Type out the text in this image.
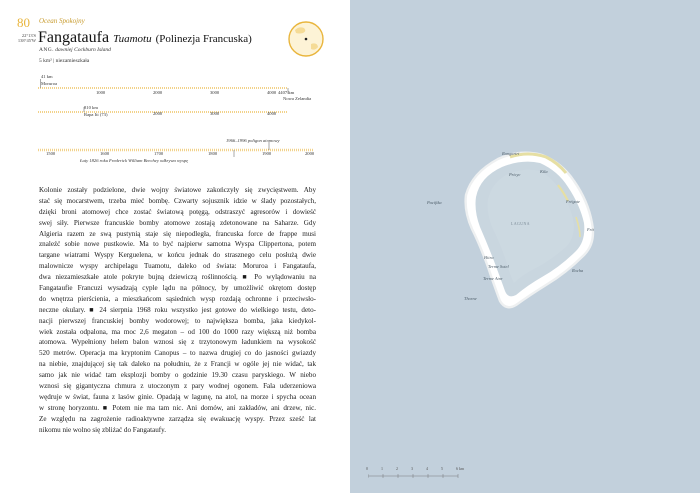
80 Ocean Spokojny
22°13'S
138°45'W Fangataufa Tuamotu (Polinezja Francuska)
ANG. dawniej Cockburn Island
5 km² | niezamieszkała
41 km
Moruroa
1000	2000	3000	4000 4407 km
Nowa Zelandia
810 km
Rapa Iti (73)	2000	3000	4000
1966–1996 poligon atomowy
Łuty 1826 roku Frederick William Beechey odkrywa wyspę
1500	1600	1700	1800	1900	2000
Kolonie zostały podzielone, dwie wojny światowe zakończyły się zwycięstwem. Aby
stać się mocarstwem, trzeba mieć bombę. Czwarty sojusznik idzie w ślady pozostałych,
dzięki broni atomowej chce zostać światową potęgą, odstraszyć agresorów i dowieść
swej siły. Pierwsze francuskie bomby atomowe zostają zdetonowane na Saharze. Gdy
Algieria razem ze swą pustynią staje się niepodległa, francuska force de frappe musi
znaleźć sobie nowe pustkowie. Ma to być najpierw samotna Wyspa Clippertona, potem
targane wiatrami Wyspy Kerguelena, w końcu jednak do strasznego celu posłużą dwie
malownicze wyspy archipelagu Tuamotu, daleko od świata: Moruroa i Fangataufa,
dwa niezamieszkałe atole pokryte bujną dziewiczą roślinnością. ■ Po wylądowaniu na
Fangataufie Francuzi wysadzają cyple lądu na północy, by umożliwić okrętom dostęp
do wnętrza pierścienia, a mieszkańcom sąsiednich wysp rozdają ochronne i przeciwsło-
neczne okulary. ■ 24 sierpnia 1968 roku wszystko jest gotowe do wielkiego testu, deto-
nacji pierwszej francuskiej bomby wodorowej; to największa bomba, jaka kiedykol-
wiek została odpalona, ma moc 2,6 megaton – od 100 do 1000 razy większą niż bomba
atomowa. Wypełniony helem balon wznosi się z trzytonowym ładunkiem na wysokość
520 metrów. Operacja ma kryptonim Canopus – to nazwa drugiej co do jasności gwiazdy
na niebie, znajdującej się tak daleko na południu, że z Francji w ogóle jej nie widać, tak
samo jak nie widać tam eksplozji bomby o godzinie 19.30 czasu paryskiego. W niebo
wznosi się gigantyczna chmura z utoczonym z pary wodnej ogonem. Fala uderzeniowa
wędruje w świat, fauna z lasów ginie. Opadają w lagunę, na atol, na morze i spycha ocean
w stronę horyzontu. ■ Potem nie ma tam nic. Ani domów, ani zakładów, ani drzew, nic.
Ze względu na zagrożenie radioaktywne zarządza się ewakuację wyspy. Przez sześć lat
nikomu nie wolno się zbliżać do Fangataufy.
Rangariri
Kila
Pricyc
Frégate
Frit
Rocha
Hitra
Terme Sotel
Terme Atnr
Pacifika
Thorne
LAGUNA
0	1	2	3	4	5	6 km
